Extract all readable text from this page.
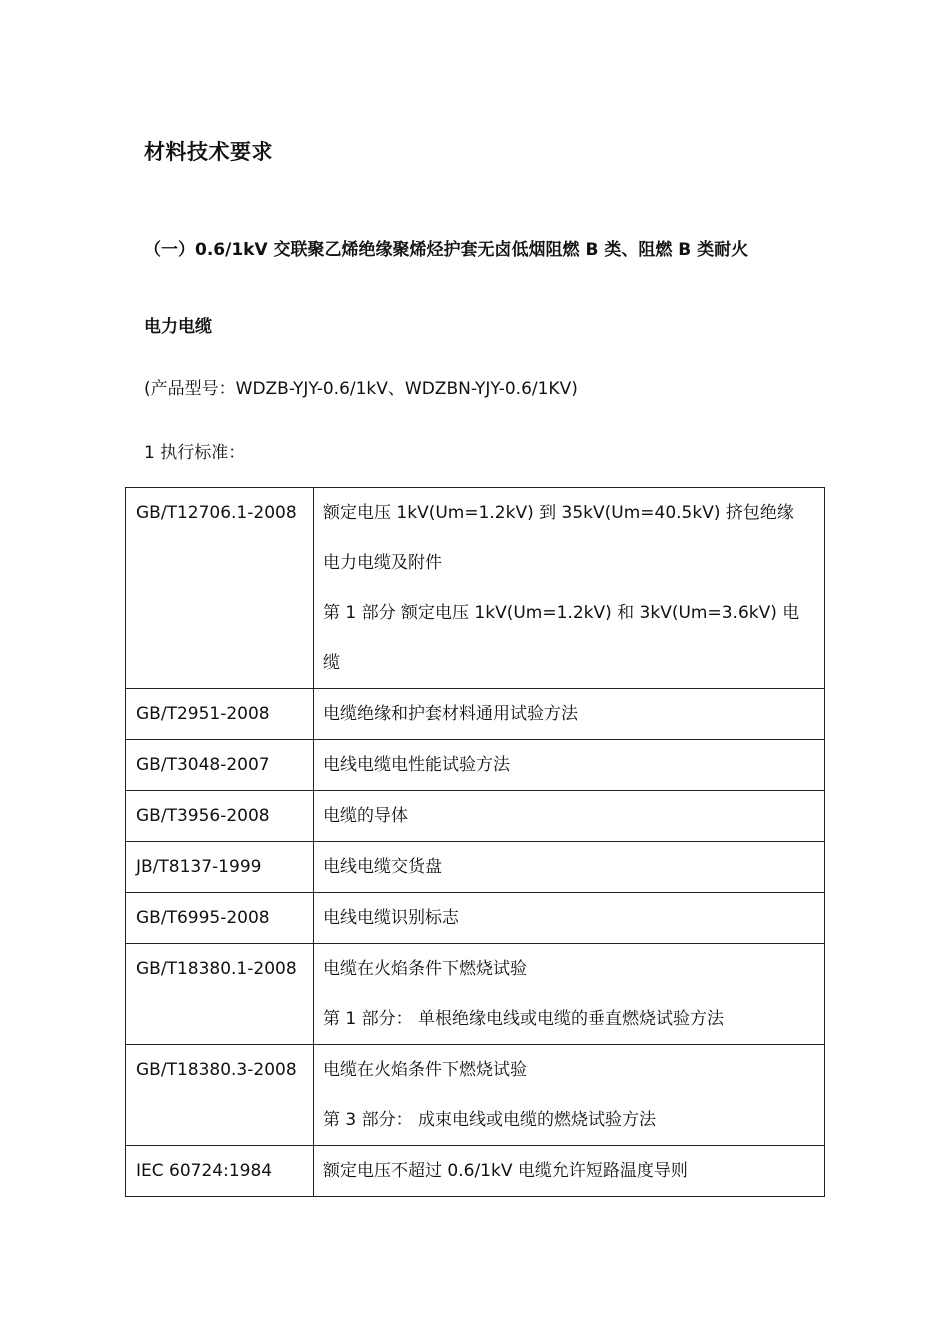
材料技术要求
（一）0.6/1kV 交联聚乙烯绝缘聚烯烃护套无卤低烟阻燃 B 类、阻燃 B 类耐火
电力电缆
(产品型号：WDZB-YJY-0.6/1kV、WDZBN-YJY-0.6/1KV)
1 执行标准：
GB/T12706.1-2008	额定电压 1kV(Um=1.2kV) 到 35kV(Um=40.5kV) 挤包绝缘
电力电缆及附件
第 1 部分 额定电压 1kV(Um=1.2kV) 和 3kV(Um=3.6kV) 电
缆

GB/T2951-2008	电缆绝缘和护套材料通用试验方法

GB/T3048-2007	电线电缆电性能试验方法

GB/T3956-2008	电缆的导体

JB/T8137-1999	电线电缆交货盘

GB/T6995-2008	电线电缆识别标志

GB/T18380.1-2008	电缆在火焰条件下燃烧试验
第 1 部分： 单根绝缘电线或电缆的垂直燃烧试验方法

GB/T18380.3-2008	电缆在火焰条件下燃烧试验
第 3 部分： 成束电线或电缆的燃烧试验方法

IEC 60724:1984	额定电压不超过 0.6/1kV 电缆允许短路温度导则
